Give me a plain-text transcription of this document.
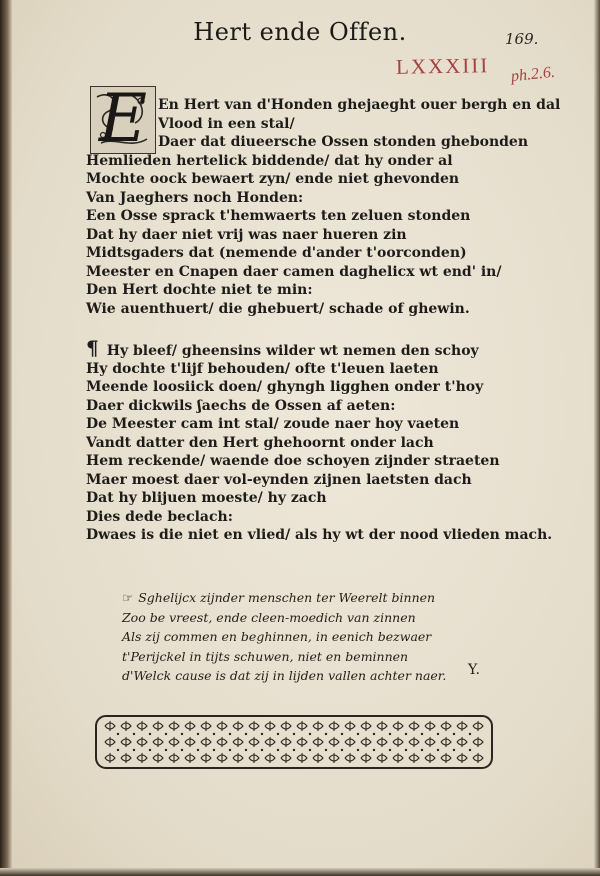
Hert ende Offen.	169.
LXXXIII ph.2.6.
E En Hert van d'Honden ghejaeght ouer bergh en dal
Vlood in een stal/
Daer dat diueersche Ossen stonden ghebonden
Hemlieden hertelick biddende/ dat hy onder al
Mochte oock bewaert zyn/ ende niet ghevonden
Van Jaeghers noch Honden:
Een Osse sprack t'hemwaerts ten zeluen stonden
Dat hy daer niet vrij was naer hueren zin
Midtsgaders dat (nemende d'ander t'oorconden)
Meester en Cnapen daer camen daghelicx wt end' in/
Den Hert dochte niet te min:
Wie auenthuert/ die ghebuert/ schade of ghewin.
¶ Hy bleef/ gheensins wilder wt nemen den schoy
Hy dochte t'lijf behouden/ ofte t'leuen laeten
Meende loosiick doen/ ghyngh ligghen onder t'hoy
Daer dickwils ʃaechs de Ossen af aeten:
De Meester cam int stal/ zoude naer hoy vaeten
Vandt datter den Hert ghehoornt onder lach
Hem reckende/ waende doe schoyen zijnder straeten
Maer moest daer vol-eynden zijnen laetsten dach
Dat hy blijuen moeste/ hy zach
Dies dede beclach:
Dwaes is die niet en vlied/ als hy wt der nood vlieden mach.
☞ Sghelijcx zijnder menschen ter Weerelt binnen
Zoo be vreest, ende cleen-moedich van zinnen
Als zij commen en beghinnen, in eenich bezwaer
t'Perijckel in tijts schuwen, niet en beminnen
d'Welck cause is dat zij in lijden vallen achter naer.	Y.
